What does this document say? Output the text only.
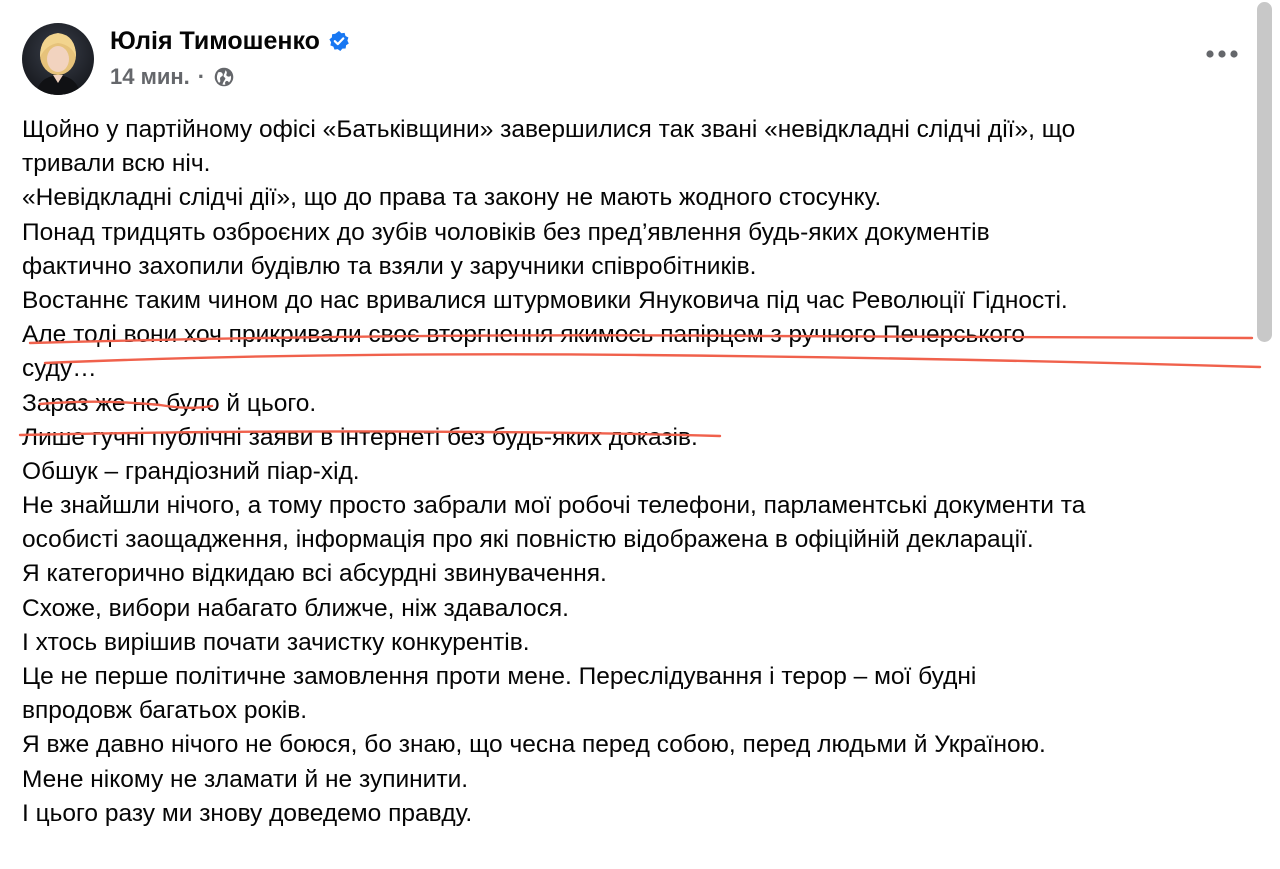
Юлія Тимошенко
14 мин. ·
Щойно у партійному офісі «Батьківщини» завершилися так звані «невідкладні слідчі дії», що
тривали всю ніч.
«Невідкладні слідчі дії», що до права та закону не мають жодного стосунку.
Понад тридцять озброєних до зубів чоловіків без пред’явлення будь-яких документів
фактично захопили будівлю та взяли у заручники співробітників.
Востаннє таким чином до нас вривалися штурмовики Януковича під час Революції Гідності.
Але тоді вони хоч прикривали своє вторгнення якимось папірцем з ручного Печерського
суду…
Зараз же не було й цього.
Лише гучні публічні заяви в інтернеті без будь-яких доказів.
Обшук – грандіозний піар-хід.
Не знайшли нічого, а тому просто забрали мої робочі телефони, парламентські документи та
особисті заощадження, інформація про які повністю відображена в офіційній декларації.
Я категорично відкидаю всі абсурдні звинувачення.
Схоже, вибори набагато ближче, ніж здавалося.
І хтось вирішив почати зачистку конкурентів.
Це не перше політичне замовлення проти мене. Переслідування і терор – мої будні
впродовж багатьох років.
Я вже давно нічого не боюся, бо знаю, що чесна перед собою, перед людьми й Україною.
Мене нікому не зламати й не зупинити.
І цього разу ми знову доведемо правду.
